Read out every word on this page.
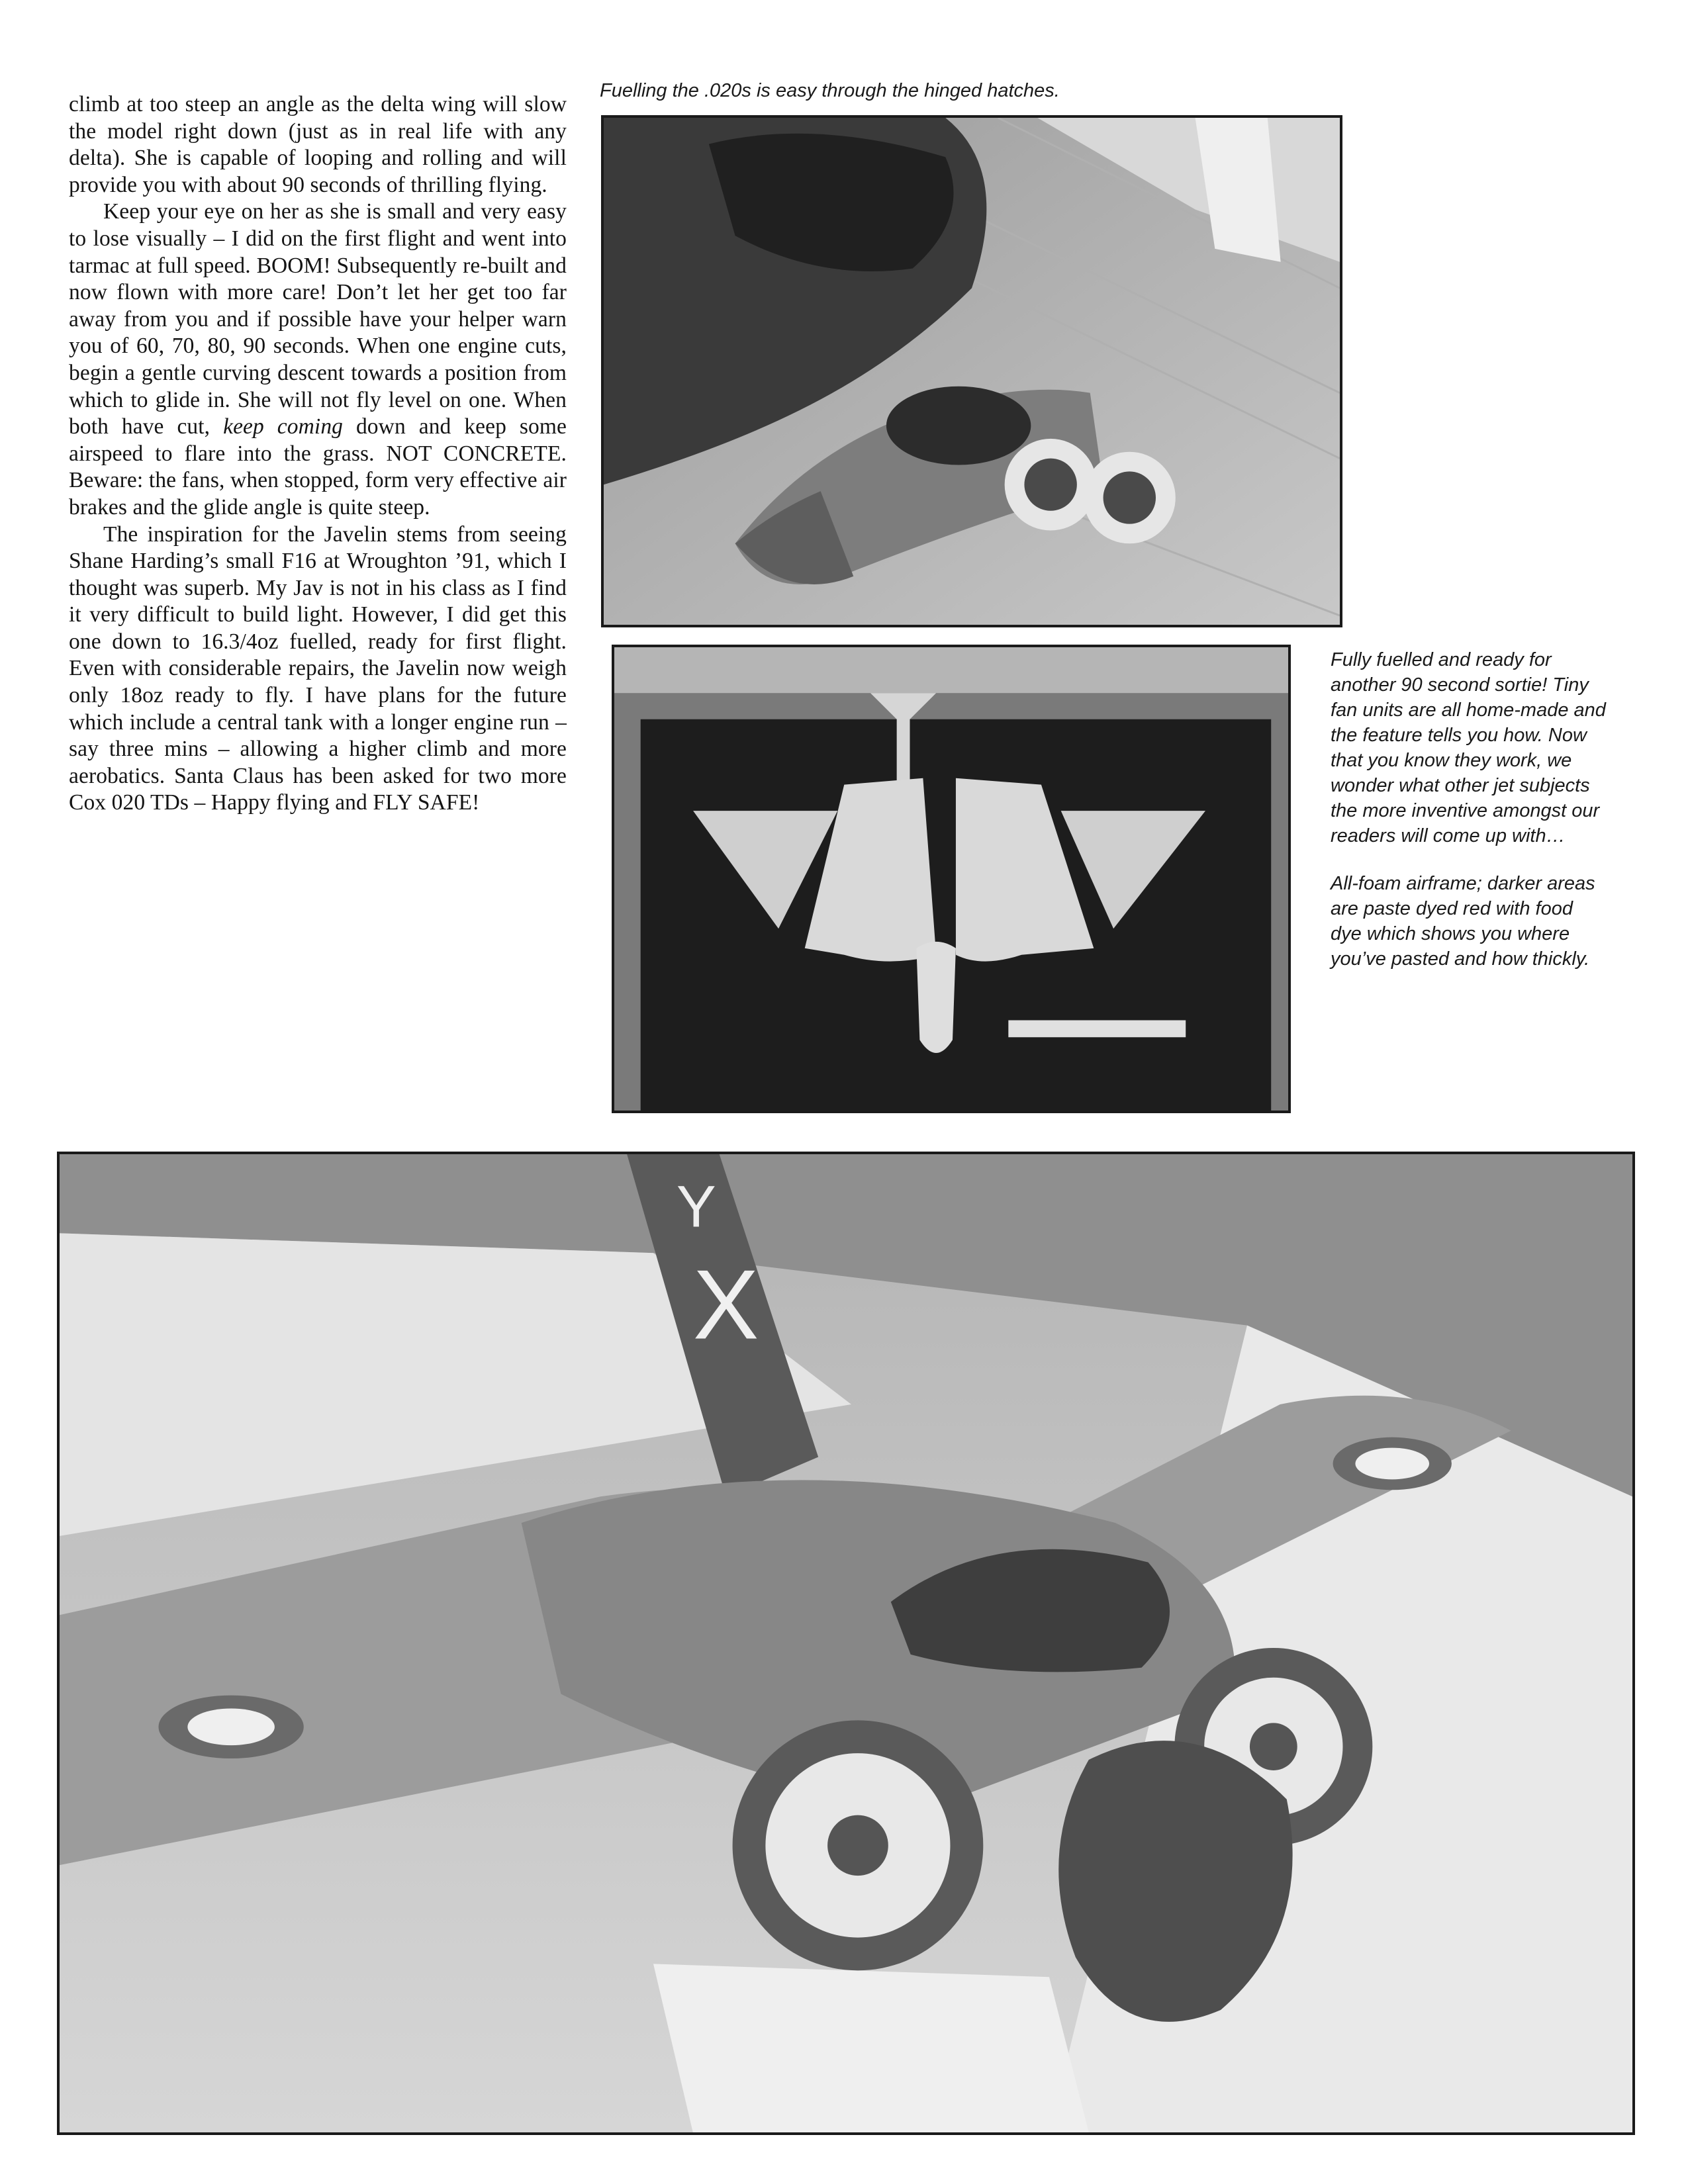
climb at too steep an angle as the delta wing will slow the model right down (just as in real life with any delta). She is capable of looping and rolling and will provide you with about 90 seconds of thrilling flying.

Keep your eye on her as she is small and very easy to lose visually – I did on the first flight and went into tarmac at full speed. BOOM! Subsequently re-built and now flown with more care! Don’t let her get too far away from you and if possible have your helper warn you of 60, 70, 80, 90 seconds. When one engine cuts, begin a gentle curving descent towards a position from which to glide in. She will not fly level on one. When both have cut, keep coming down and keep some airspeed to flare into the grass. NOT CONCRETE. Beware: the fans, when stopped, form very effective air brakes and the glide angle is quite steep.

The inspiration for the Javelin stems from seeing Shane Harding’s small F16 at Wroughton ’91, which I thought was superb. My Jav is not in his class as I find it very difficult to build light. However, I did get this one down to 16.3/4oz fuelled, ready for first flight. Even with considerable repairs, the Javelin now weigh only 18oz ready to fly. I have plans for the future which include a central tank with a longer engine run – say three mins – allowing a higher climb and more aerobatics. Santa Claus has been asked for two more Cox 020 TDs – Happy flying and FLY SAFE!

Fuelling the .020s is easy through the hinged hatches.

Fully fuelled and ready for another 90 second sortie! Tiny fan units are all home-made and the feature tells you how. Now that you know they work, we wonder what other jet subjects the more inventive amongst our readers will come up with…

All-foam airframe; darker areas are paste dyed red with food dye which shows you where you’ve pasted and how thickly.

Y
X
